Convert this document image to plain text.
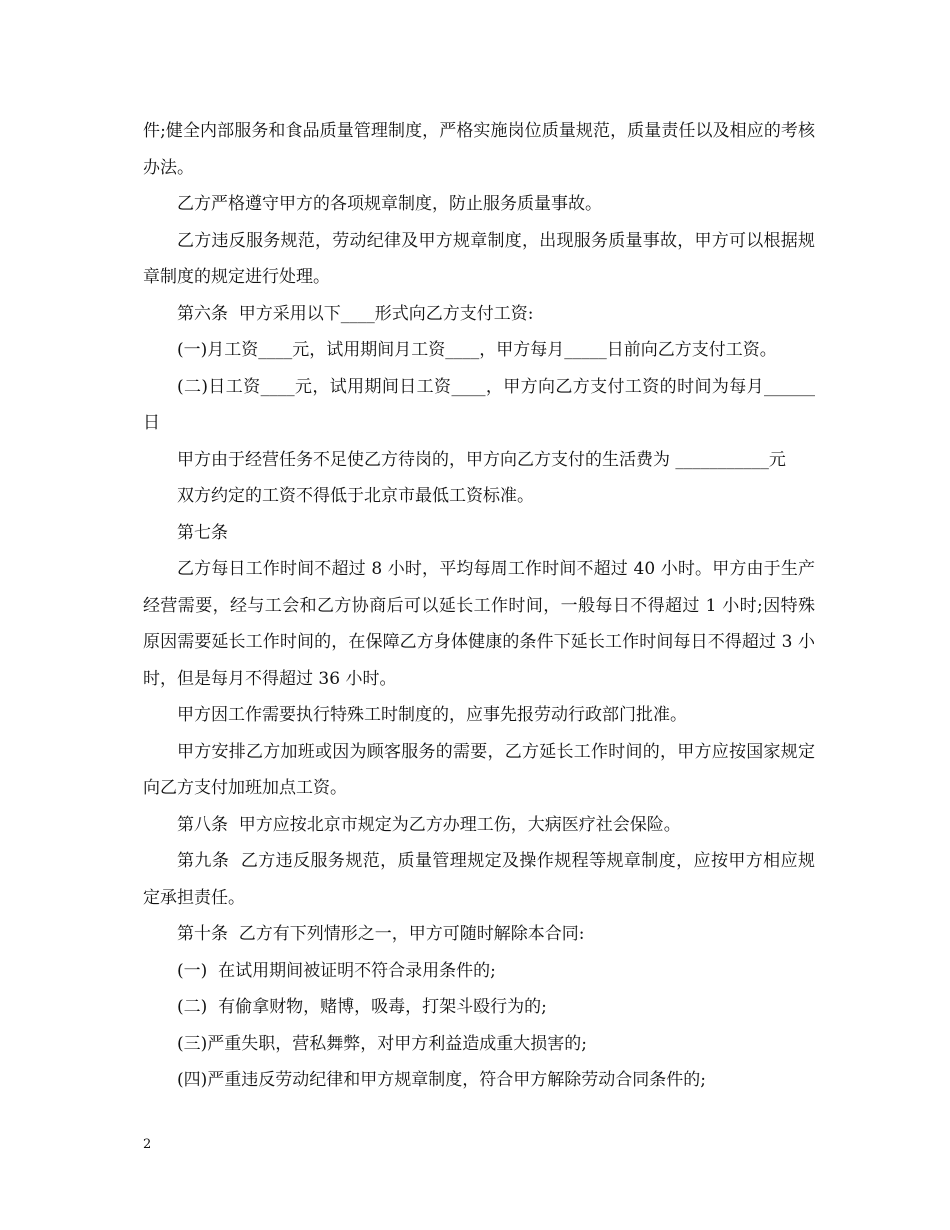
件;健全内部服务和食品质量管理制度，严格实施岗位质量规范，质量责任以及相应的考核办法。

乙方严格遵守甲方的各项规章制度，防止服务质量事故。

乙方违反服务规范，劳动纪律及甲方规章制度，出现服务质量事故，甲方可以根据规章制度的规定进行处理。

第六条  甲方采用以下____形式向乙方支付工资:

(一)月工资____元，试用期间月工资____，甲方每月_____日前向乙方支付工资。

(二)日工资____元，试用期间日工资____，甲方向乙方支付工资的时间为每月______日

甲方由于经营任务不足使乙方待岗的，甲方向乙方支付的生活费为 ___________元

双方约定的工资不得低于北京市最低工资标准。

第七条

乙方每日工作时间不超过 8 小时，平均每周工作时间不超过 40 小时。甲方由于生产经营需要，经与工会和乙方协商后可以延长工作时间，一般每日不得超过 1 小时;因特殊原因需要延长工作时间的，在保障乙方身体健康的条件下延长工作时间每日不得超过 3 小时，但是每月不得超过 36 小时。

甲方因工作需要执行特殊工时制度的，应事先报劳动行政部门批准。

甲方安排乙方加班或因为顾客服务的需要，乙方延长工作时间的，甲方应按国家规定向乙方支付加班加点工资。

第八条  甲方应按北京市规定为乙方办理工伤，大病医疗社会保险。

第九条  乙方违反服务规范，质量管理规定及操作规程等规章制度，应按甲方相应规定承担责任。

第十条  乙方有下列情形之一，甲方可随时解除本合同:

(一)  在试用期间被证明不符合录用条件的;

(二)  有偷拿财物，赌博，吸毒，打架斗殴行为的;

(三)严重失职，营私舞弊，对甲方利益造成重大损害的;

(四)严重违反劳动纪律和甲方规章制度，符合甲方解除劳动合同条件的;

2
